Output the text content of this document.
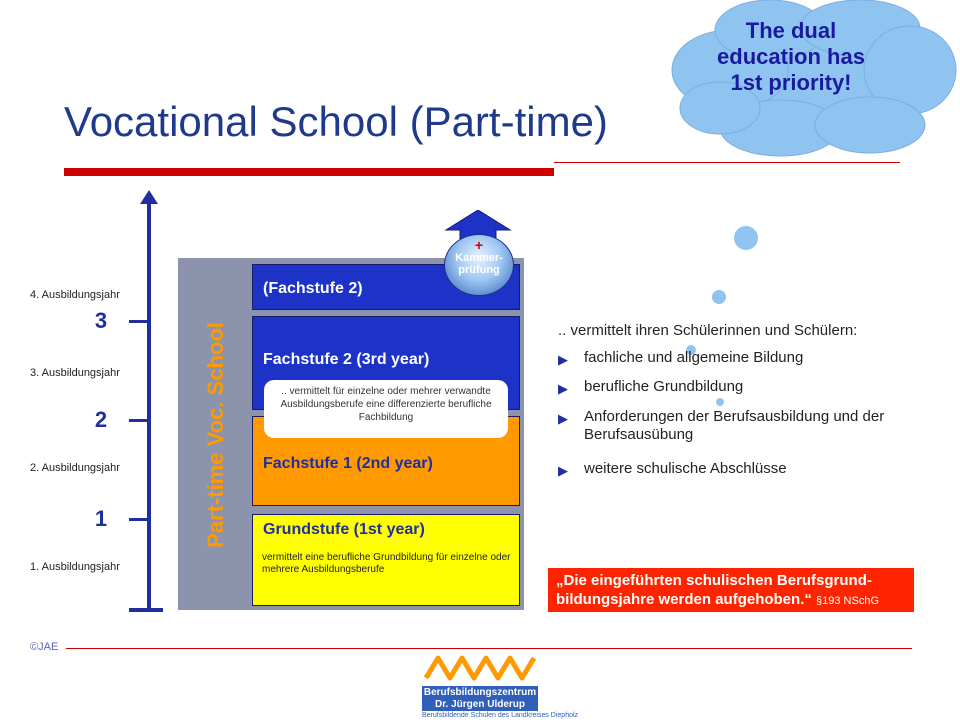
Vocational School (Part-time)
The dual education has 1st priority!
1
2
3
1. Ausbildungsjahr
2. Ausbildungsjahr
3. Ausbildungsjahr
4. Ausbildungsjahr
Part-time Voc. School
(Fachstufe 2)
Fachstufe 2 (3rd year)
Fachstufe 1 (2nd year)
.. vermittelt für einzelne oder mehrer verwandte Ausbildungsberufe eine differenzierte berufliche Fachbildung
Grundstufe (1st year)
vermittelt eine berufliche Grundbildung für einzelne oder mehrere Ausbildungsberufe
+
Kammer-
prüfung
.. vermittelt ihren Schülerinnen und Schülern:
▶ fachliche und allgemeine Bildung
▶ berufliche Grundbildung
▶ Anforderungen der Berufsausbildung und der Berufsausübung
▶ weitere schulische Abschlüsse
„Die eingeführten schulischen Berufsgrund-bildungsjahre werden aufgehoben.“ §193 NSchG
©JAE
Berufsbildungszentrum
Dr. Jürgen Ulderup
Berufsbildende Schulen des Landkreises Diepholz
